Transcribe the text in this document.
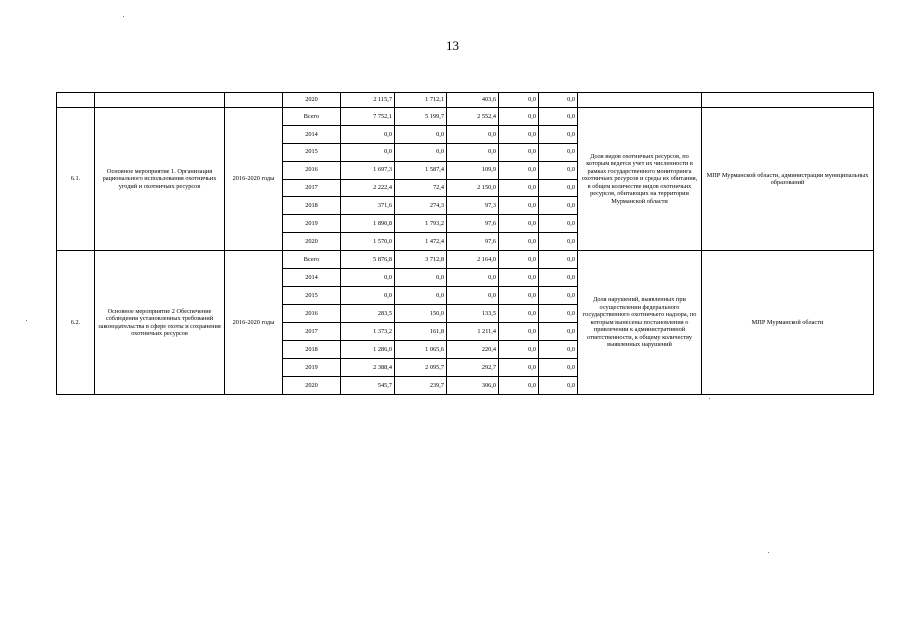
13
			2020	2 115,7	1 712,1	403,6	0,0	0,0		
6.1.	Основное мероприятие 1. Организация рационального использования охотничьих угодий и охотничьих ресурсов	2016-2020 годы	Всего	7 752,1	5 199,7	2 552,4	0,0	0,0	Доля видов охотничьих ресурсов, по которым ведется учет их численности в рамках государственного мониторинга охотничьих ресурсов и среды их обитания, в общем количестве видов охотничьих ресурсов, обитающих на территории Мурманской области	МПР Мурманской области, администрации муниципальных образований
			2014	0,0	0,0	0,0	0,0	0,0		
			2015	0,0	0,0	0,0	0,0	0,0		
			2016	1 697,3	1 587,4	109,9	0,0	0,0		
			2017	2 222,4	72,4	2 150,0	0,0	0,0		
			2018	371,6	274,3	97,3	0,0	0,0		
			2019	1 890,8	1 793,2	97,6	0,0	0,0		
			2020	1 570,0	1 472,4	97,6	0,0	0,0		
6.2.	Основное мероприятие 2 Обеспечение соблюдения установленных требований законодательства в сфере охоты и сохранения охотничьих ресурсов	2016-2020 годы	Всего	5 876,8	3 712,8	2 164,0	0,0	0,0	Доля нарушений, выявленных при осуществлении федерального государственного охотничьего надзора, по которым вынесены постановления о привлечении к административной ответственности, к общему количеству выявленных нарушений	МПР Мурманской области
			2014	0,0	0,0	0,0	0,0	0,0		
			2015	0,0	0,0	0,0	0,0	0,0		
			2016	283,5	150,0	133,5	0,0	0,0		
			2017	1 373,2	161,8	1 211,4	0,0	0,0		
			2018	1 286,0	1 065,6	220,4	0,0	0,0		
			2019	2 388,4	2 095,7	292,7	0,0	0,0		
			2020	545,7	239,7	306,0	0,0	0,0		
